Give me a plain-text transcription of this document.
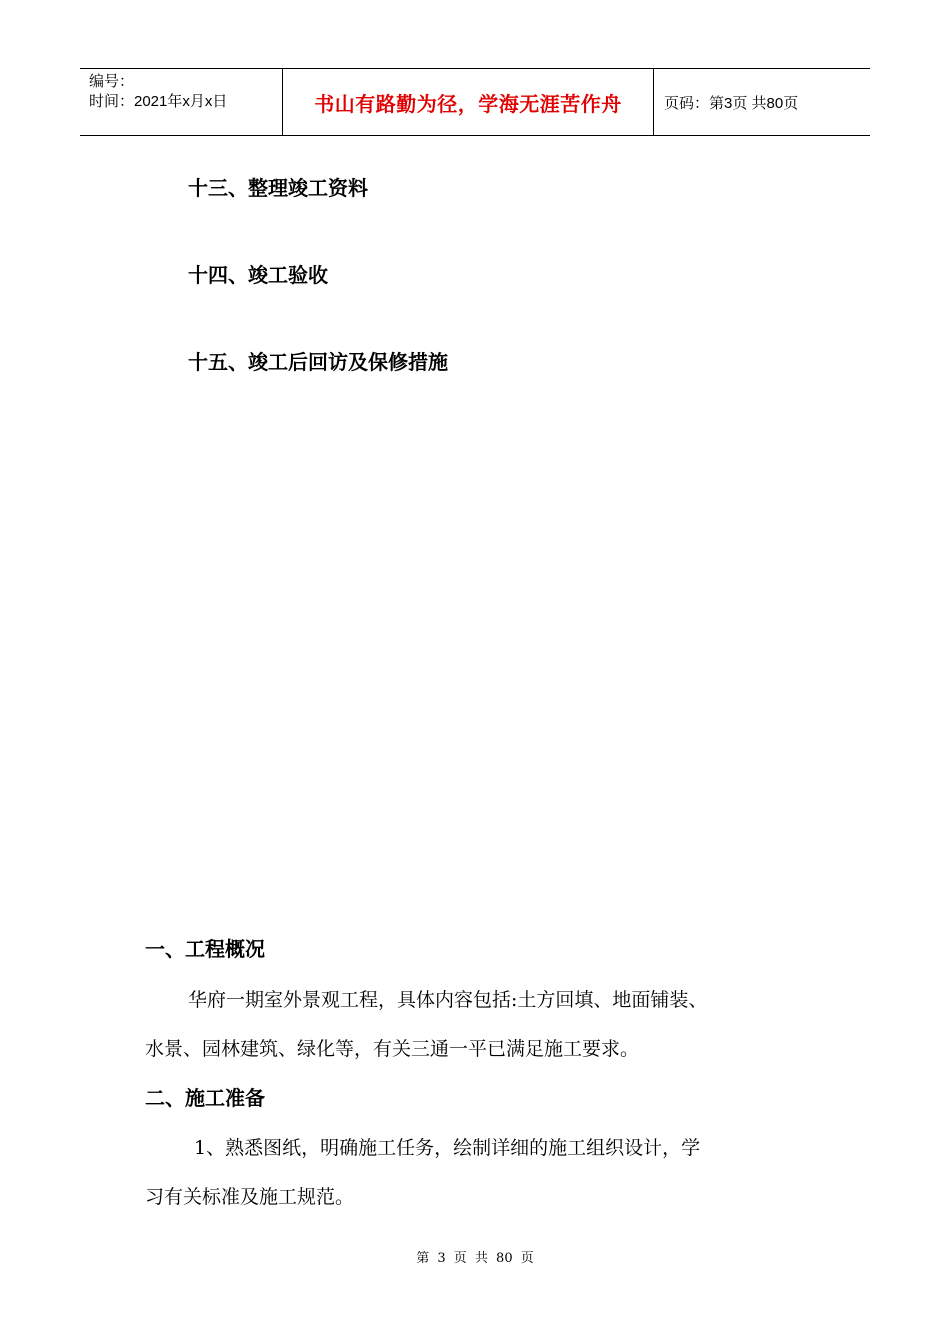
编号：
时间：2021年x月x日	书山有路勤为径，学海无涯苦作舟	页码：第3页 共80页
十三、整理竣工资料
十四、竣工验收
十五、竣工后回访及保修措施
一、工程概况
华府一期室外景观工程，具体内容包括:土方回填、地面铺装、
水景、园林建筑、绿化等，有关三通一平已满足施工要求。
二、施工准备
1、熟悉图纸，明确施工任务，绘制详细的施工组织设计，学
习有关标准及施工规范。
第 3 页 共 80 页
